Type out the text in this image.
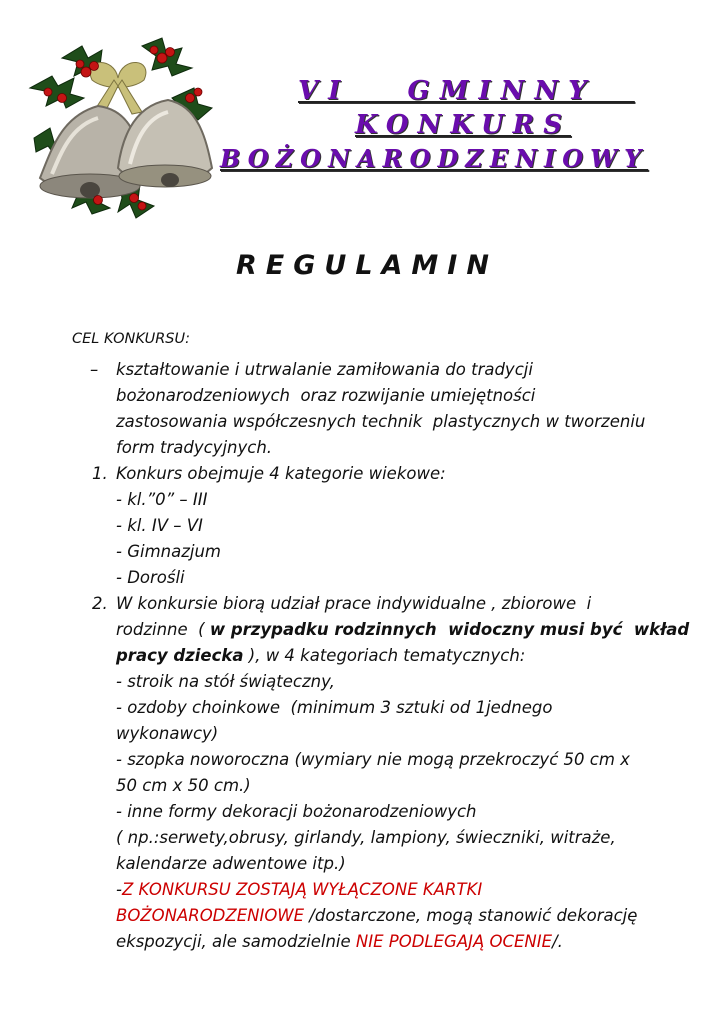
VI   GMINNY
KONKURS
BOŻONARODZENIOWY
REGULAMIN
CEL KONKURSU:
– kształtowanie i utrwalanie zamiłowania do tradycji
bożonarodzeniowych  oraz rozwijanie umiejętności
zastosowania współczesnych technik  plastycznych w tworzeniu
form tradycyjnych.
1. Konkurs obejmuje 4 kategorie wiekowe:
- kl.”0” – III
- kl. IV – VI
- Gimnazjum
- Dorośli
2. W konkursie biorą udział prace indywidualne , zbiorowe  i
rodzinne  ( w przypadku rodzinnych  widoczny musi być  wkład
pracy dziecka ), w 4 kategoriach tematycznych:
- stroik na stół świąteczny,
- ozdoby choinkowe  (minimum 3 sztuki od 1jednego
wykonawcy)
- szopka noworoczna (wymiary nie mogą przekroczyć 50 cm x
50 cm x 50 cm.)
- inne formy dekoracji bożonarodzeniowych
( np.:serwety,obrusy, girlandy, lampiony, świeczniki, witraże,
kalendarze adwentowe itp.)
-Z KONKURSU ZOSTAJĄ WYŁĄCZONE KARTKI
BOŻONARODZENIOWE /dostarczone, mogą stanowić dekorację
ekspozycji, ale samodzielnie NIE PODLEGAJĄ OCENIE/.
